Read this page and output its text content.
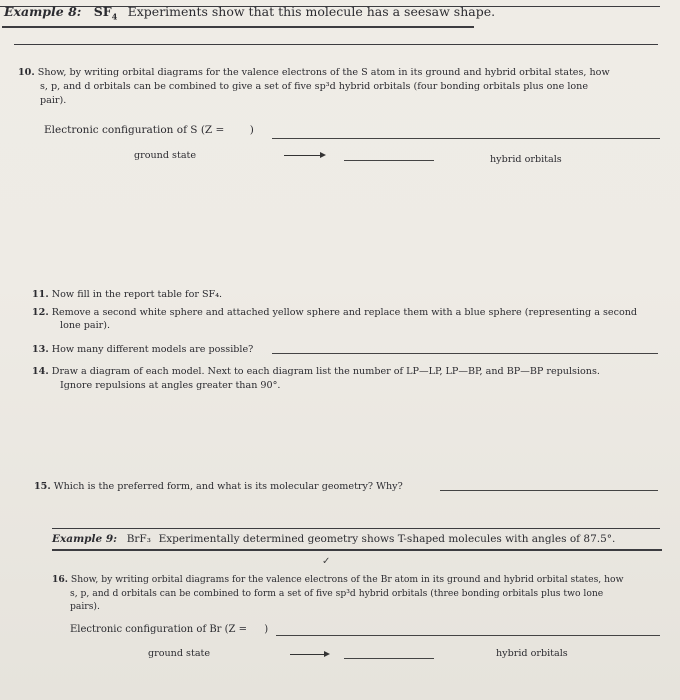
Example 8: $SF_4$ Experiments show that this molecule has a seesaw shape.
10. Show, by writing orbital diagrams for the valence electrons of the S atom in its ground and hybrid orbital states, how
s, p, and d orbitals can be combined to give a set of five sp³d hybrid orbitals (four bonding orbitals plus one lone
pair).
Electronic configuration of S (Z = )
ground state	hybrid orbitals
11. Now fill in the report table for SF₄.
12. Remove a second white sphere and attached yellow sphere and replace them with a blue sphere (representing a second
lone pair).
13. How many different models are possible?
14. Draw a diagram of each model. Next to each diagram list the number of LP—LP, LP—BP, and BP—BP repulsions.
Ignore repulsions at angles greater than 90°.
15. Which is the preferred form, and what is its molecular geometry? Why?
Example 9: BrF₃ Experimentally determined geometry shows T-shaped molecules with angles of 87.5°.
✓
16. Show, by writing orbital diagrams for the valence electrons of the Br atom in its ground and hybrid orbital states, how
s, p, and d orbitals can be combined to form a set of five sp³d hybrid orbitals (three bonding orbitals plus two lone
pairs).
Electronic configuration of Br (Z = )
ground state	hybrid orbitals
